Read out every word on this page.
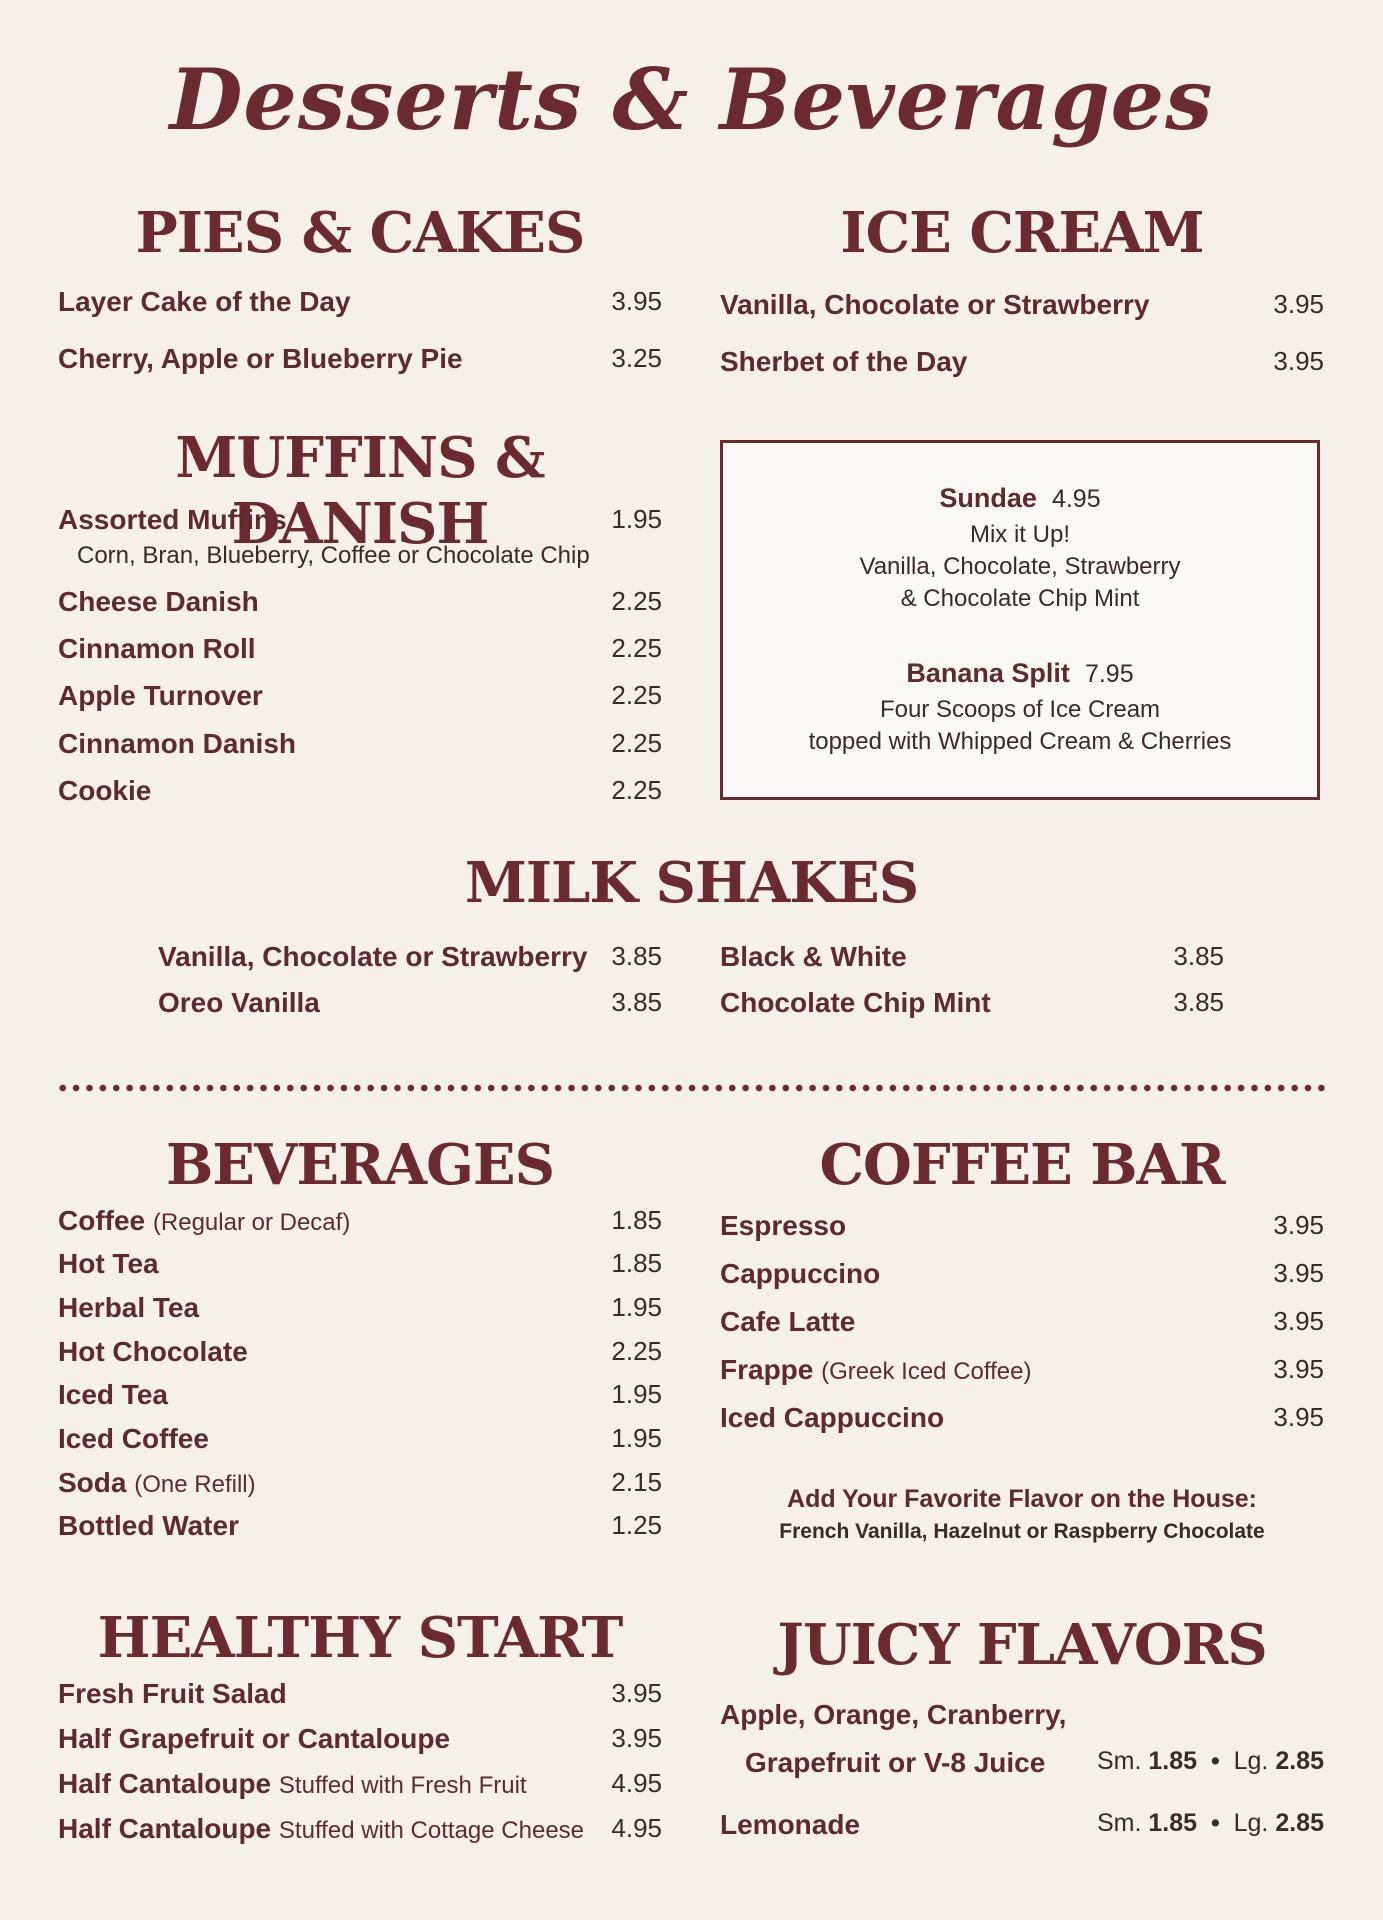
Desserts & Beverages
PIES & CAKES
Layer Cake of the Day	3.95
Cherry, Apple or Blueberry Pie	3.25
ICE CREAM
Vanilla, Chocolate or Strawberry	3.95
Sherbet of the Day	3.95
MUFFINS & DANISH
Assorted Muffins	1.95
Corn, Bran, Blueberry, Coffee or Chocolate Chip
Cheese Danish	2.25
Cinnamon Roll	2.25
Apple Turnover	2.25
Cinnamon Danish	2.25
Cookie	2.25
Sundae 4.95
Mix it Up!
Vanilla, Chocolate, Strawberry
& Chocolate Chip Mint
Banana Split 7.95
Four Scoops of Ice Cream
topped with Whipped Cream & Cherries
MILK SHAKES
Vanilla, Chocolate or Strawberry 3.85
Oreo Vanilla	3.85
Black & White	3.85
Chocolate Chip Mint	3.85
BEVERAGES
Coffee (Regular or Decaf)	1.85
Hot Tea	1.85
Herbal Tea	1.95
Hot Chocolate	2.25
Iced Tea	1.95
Iced Coffee	1.95
Soda (One Refill)	2.15
Bottled Water	1.25
COFFEE BAR
Espresso	3.95
Cappuccino	3.95
Cafe Latte	3.95
Frappe (Greek Iced Coffee)	3.95
Iced Cappuccino	3.95
Add Your Favorite Flavor on the House:
French Vanilla, Hazelnut or Raspberry Chocolate
HEALTHY START
Fresh Fruit Salad	3.95
Half Grapefruit or Cantaloupe	3.95
Half Cantaloupe Stuffed with Fresh Fruit	4.95
Half Cantaloupe Stuffed with Cottage Cheese 4.95
JUICY FLAVORS
Apple, Orange, Cranberry,
Grapefruit or V-8 Juice Sm. 1.85 • Lg. 2.85
Lemonade	Sm. 1.85 • Lg. 2.85
